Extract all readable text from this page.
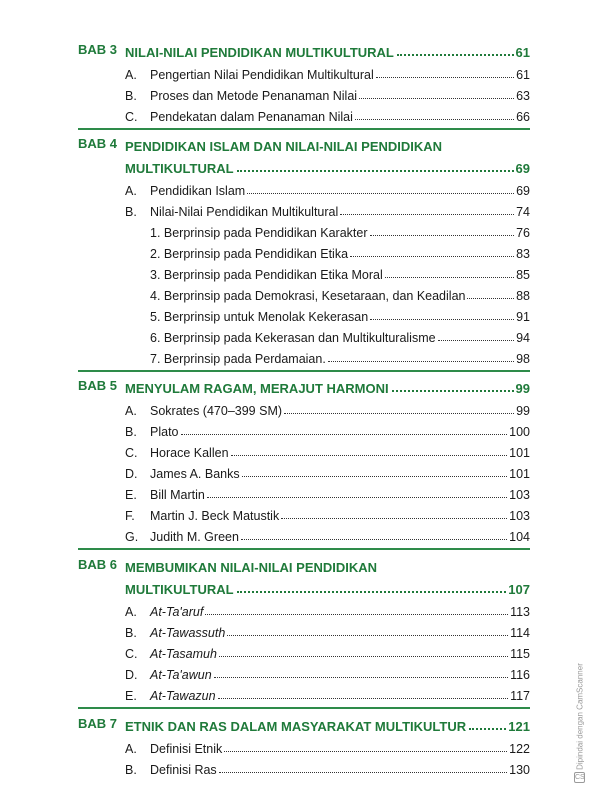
BAB 3 NILAI-NILAI PENDIDIKAN MULTIKULTURAL	61
A.	Pengertian Nilai Pendidikan Multikultural	61
B.	Proses dan Metode Penanaman Nilai	63
C.	Pendekatan dalam Penanaman Nilai	66
BAB 4 PENDIDIKAN ISLAM DAN NILAI-NILAI PENDIDIKAN
MULTIKULTURAL	69
A.	Pendidikan Islam	69
B.	Nilai-Nilai Pendidikan Multikultural	74
1. Berprinsip pada Pendidikan Karakter	76
2. Berprinsip pada Pendidikan Etika	83
3. Berprinsip pada Pendidikan Etika Moral	85
4. Berprinsip pada Demokrasi, Kesetaraan, dan Keadilan	88
5. Berprinsip untuk Menolak Kekerasan	91
6. Berprinsip pada Kekerasan dan Multikulturalisme	94
7. Berprinsip pada Perdamaian.	98
BAB 5 MENYULAM RAGAM, MERAJUT HARMONI	99
A.	Sokrates (470–399 SM)	99
B.	Plato	100
C.	Horace Kallen	101
D.	James A. Banks	101
E.	Bill Martin	103
F.	Martin J. Beck Matustik	103
G. Judith M. Green	104
BAB 6 MEMBUMIKAN NILAI-NILAI PENDIDIKAN
MULTIKULTURAL	107
A.	At-Ta'aruf	113
B.	At-Tawassuth	114
C.	At-Tasamuh	115
D.	At-Ta'awun	116
E.	At-Tawazun	117
BAB 7 ETNIK DAN RAS DALAM MASYARAKAT MULTIKULTUR	121
A.	Definisi Etnik	122
B.	Definisi Ras	130
Dipindai dengan CamScanner
CS
